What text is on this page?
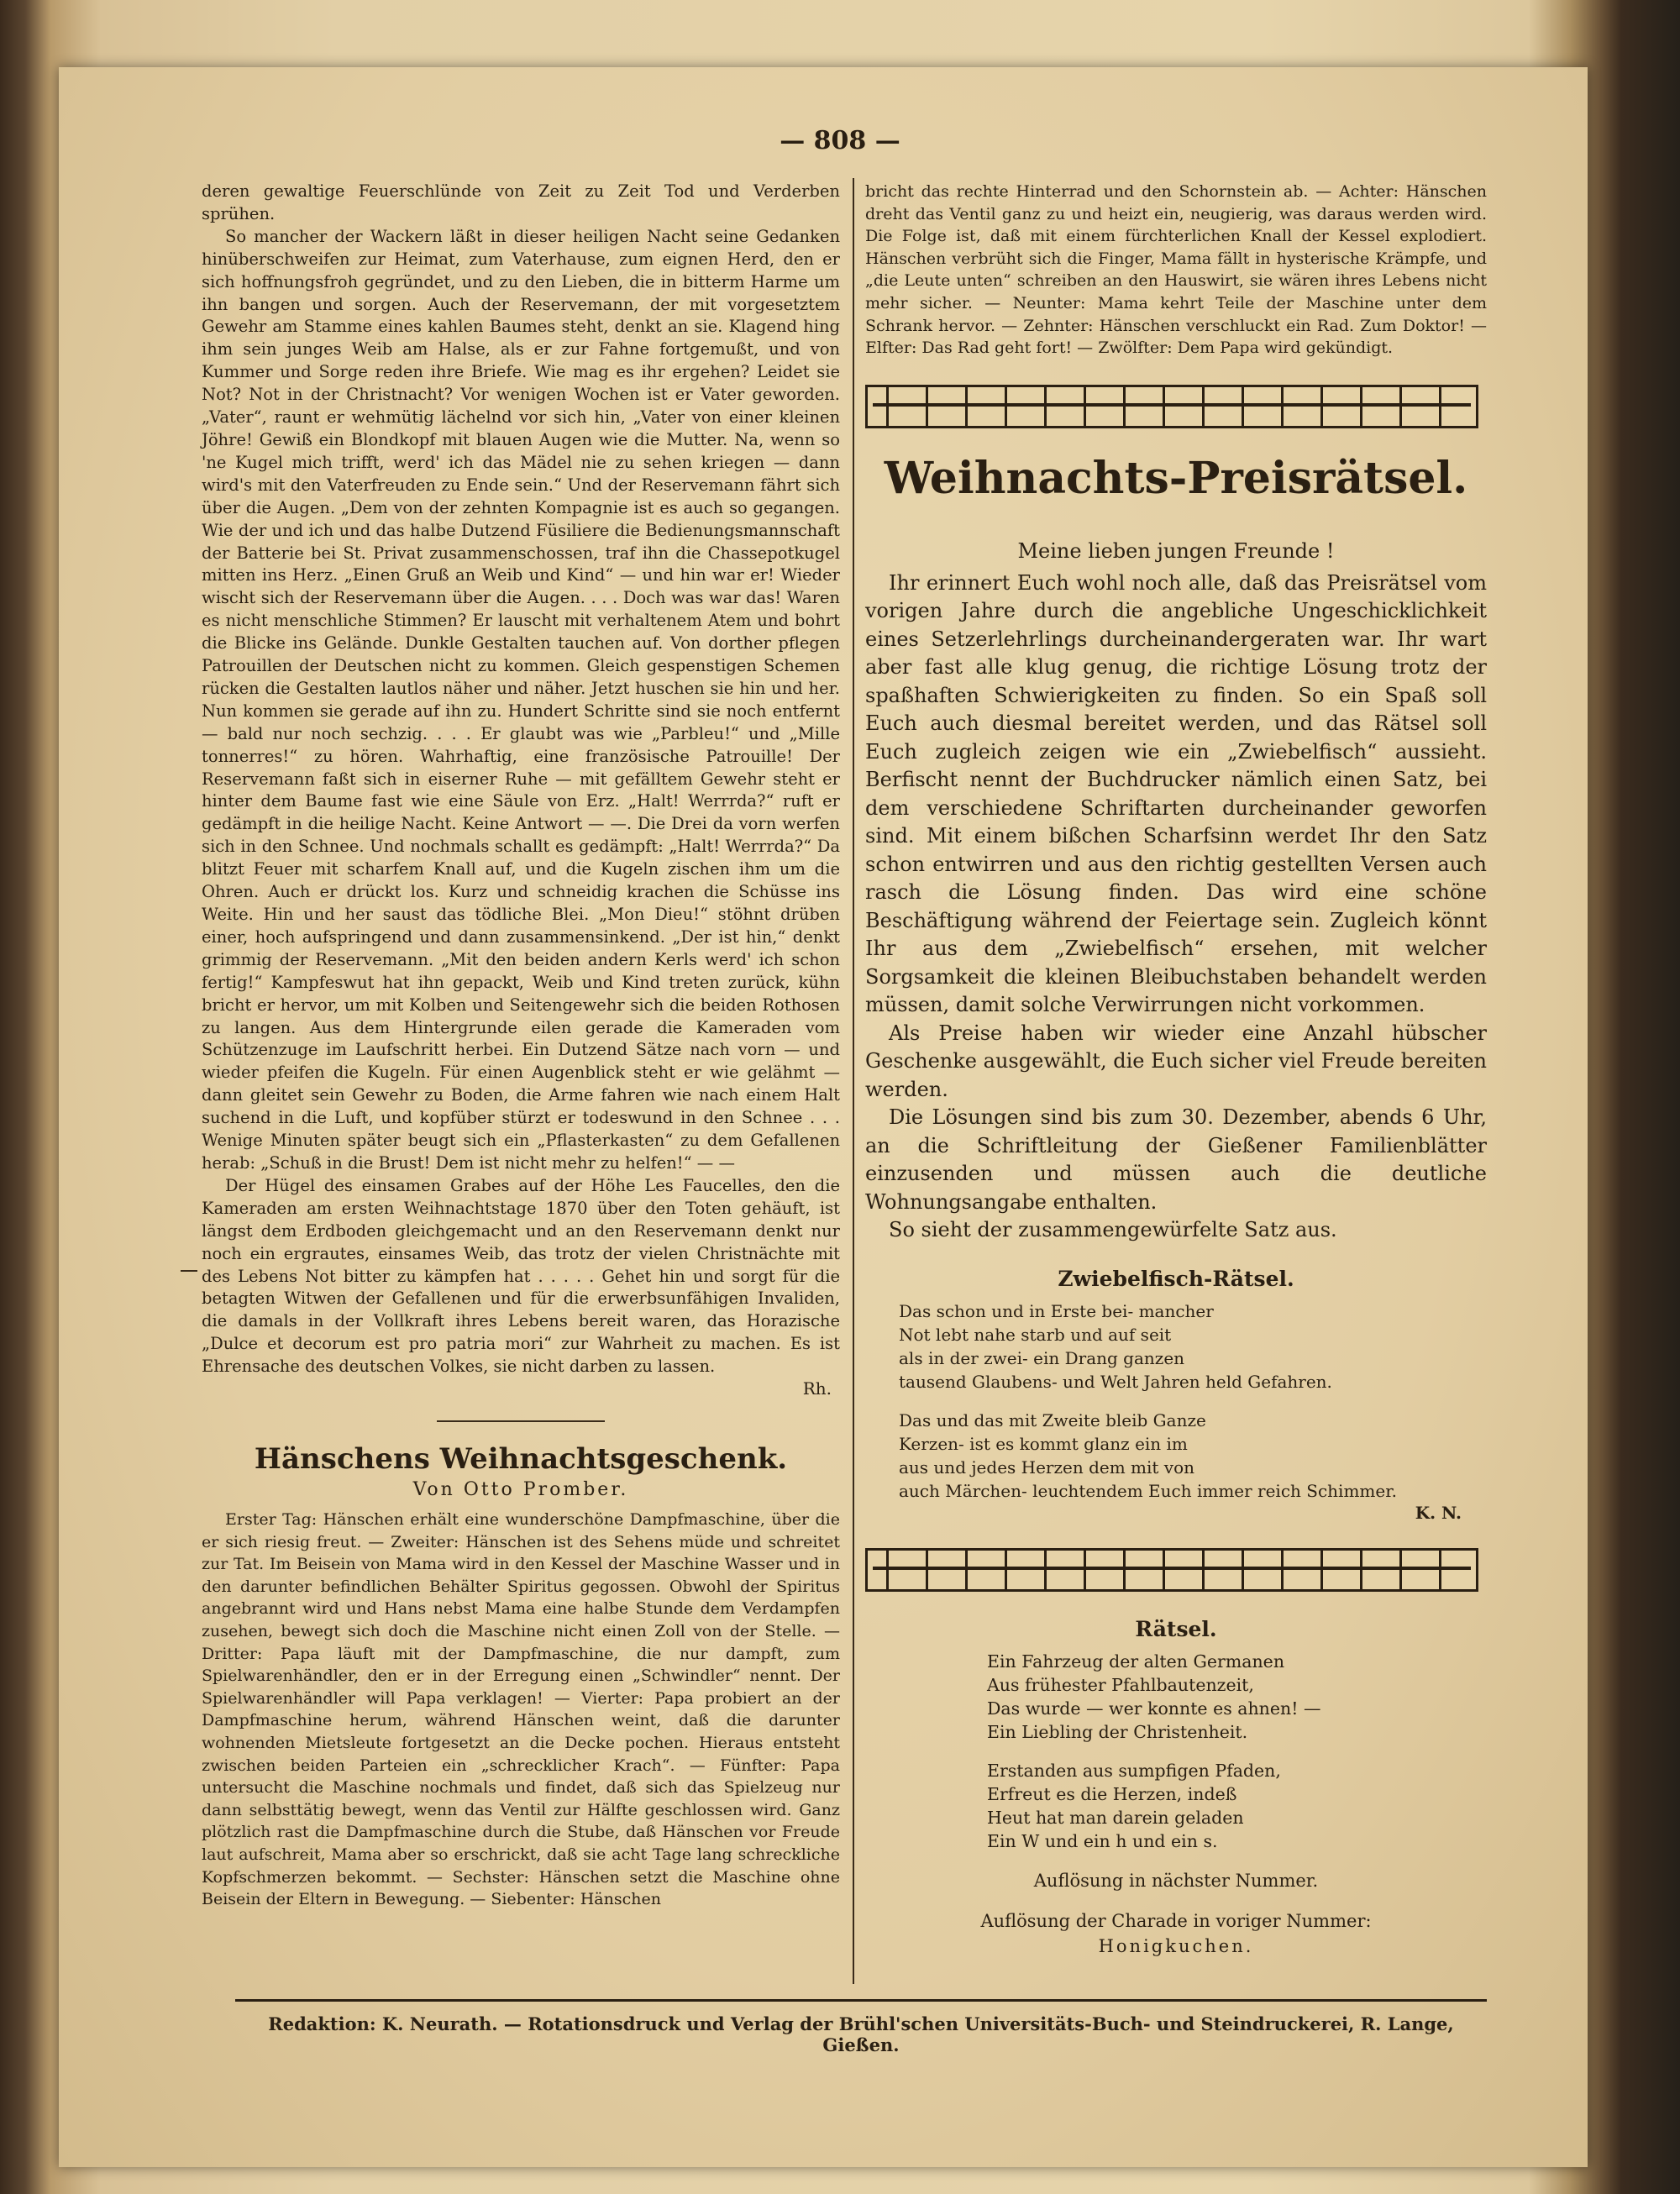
— 808 —

deren gewaltige Feuerschlünde von Zeit zu Zeit Tod und Verderben sprühen.

So mancher der Wackern läßt in dieser heiligen Nacht seine Gedanken hinüberschweifen zur Heimat, zum Vaterhause, zum eignen Herd, den er sich hoffnungsfroh gegründet, und zu den Lieben, die in bitterm Harme um ihn bangen und sorgen. Auch der Reservemann, der mit vorgesetztem Gewehr am Stamme eines kahlen Baumes steht, denkt an sie. Klagend hing ihm sein junges Weib am Halse, als er zur Fahne fortgemußt, und von Kummer und Sorge reden ihre Briefe. Wie mag es ihr ergehen? Leidet sie Not? Not in der Christnacht? Vor wenigen Wochen ist er Vater geworden. „Vater“, raunt er wehmütig lächelnd vor sich hin, „Vater von einer kleinen Jöhre! Gewiß ein Blondkopf mit blauen Augen wie die Mutter. Na, wenn so 'ne Kugel mich trifft, werd' ich das Mädel nie zu sehen kriegen — dann wird's mit den Vaterfreuden zu Ende sein.“ Und der Reservemann fährt sich über die Augen. „Dem von der zehnten Kompagnie ist es auch so gegangen. Wie der und ich und das halbe Dutzend Füsiliere die Bedienungsmannschaft der Batterie bei St. Privat zusammenschossen, traf ihn die Chassepotkugel mitten ins Herz. „Einen Gruß an Weib und Kind“ — und hin war er! Wieder wischt sich der Reservemann über die Augen. . . . Doch was war das! Waren es nicht menschliche Stimmen? Er lauscht mit verhaltenem Atem und bohrt die Blicke ins Gelände. Dunkle Gestalten tauchen auf. Von dorther pflegen Patrouillen der Deutschen nicht zu kommen. Gleich gespenstigen Schemen rücken die Gestalten lautlos näher und näher. Jetzt huschen sie hin und her. Nun kommen sie gerade auf ihn zu. Hundert Schritte sind sie noch entfernt — bald nur noch sechzig. . . . Er glaubt was wie „Parbleu!“ und „Mille tonnerres!“ zu hören. Wahrhaftig, eine französische Patrouille! Der Reservemann faßt sich in eiserner Ruhe — mit gefälltem Gewehr steht er hinter dem Baume fast wie eine Säule von Erz. „Halt! Werrrda?“ ruft er gedämpft in die heilige Nacht. Keine Antwort — —. Die Drei da vorn werfen sich in den Schnee. Und nochmals schallt es gedämpft: „Halt! Werrrda?“ Da blitzt Feuer mit scharfem Knall auf, und die Kugeln zischen ihm um die Ohren. Auch er drückt los. Kurz und schneidig krachen die Schüsse ins Weite. Hin und her saust das tödliche Blei. „Mon Dieu!“ stöhnt drüben einer, hoch aufspringend und dann zusammensinkend. „Der ist hin,“ denkt grimmig der Reservemann. „Mit den beiden andern Kerls werd' ich schon fertig!“ Kampfeswut hat ihn gepackt, Weib und Kind treten zurück, kühn bricht er hervor, um mit Kolben und Seitengewehr sich die beiden Rothosen zu langen. Aus dem Hintergrunde eilen gerade die Kameraden vom Schützenzuge im Laufschritt herbei. Ein Dutzend Sätze nach vorn — und wieder pfeifen die Kugeln. Für einen Augenblick steht er wie gelähmt — dann gleitet sein Gewehr zu Boden, die Arme fahren wie nach einem Halt suchend in die Luft, und kopfüber stürzt er todeswund in den Schnee . . . Wenige Minuten später beugt sich ein „Pflasterkasten“ zu dem Gefallenen herab: „Schuß in die Brust! Dem ist nicht mehr zu helfen!“ — —

Der Hügel des einsamen Grabes auf der Höhe Les Faucelles, den die Kameraden am ersten Weihnachtstage 1870 über den Toten gehäuft, ist längst dem Erdboden gleichgemacht und an den Reservemann denkt nur noch ein ergrautes, einsames Weib, das trotz der vielen Christnächte mit des Lebens Not bitter zu kämpfen hat . . . . . Gehet hin und sorgt für die betagten Witwen der Gefallenen und für die erwerbsunfähigen Invaliden, die damals in der Vollkraft ihres Lebens bereit waren, das Horazische „Dulce et decorum est pro patria mori“ zur Wahrheit zu machen. Es ist Ehrensache des deutschen Volkes, sie nicht darben zu lassen.

Rh.

Hänschens Weihnachtsgeschenk.

Von Otto Promber.

Erster Tag: Hänschen erhält eine wunderschöne Dampfmaschine, über die er sich riesig freut. — Zweiter: Hänschen ist des Sehens müde und schreitet zur Tat. Im Beisein von Mama wird in den Kessel der Maschine Wasser und in den darunter befindlichen Behälter Spiritus gegossen. Obwohl der Spiritus angebrannt wird und Hans nebst Mama eine halbe Stunde dem Verdampfen zusehen, bewegt sich doch die Maschine nicht einen Zoll von der Stelle. — Dritter: Papa läuft mit der Dampfmaschine, die nur dampft, zum Spielwarenhändler, den er in der Erregung einen „Schwindler“ nennt. Der Spielwarenhändler will Papa verklagen! — Vierter: Papa probiert an der Dampfmaschine herum, während Hänschen weint, daß die darunter wohnenden Mietsleute fortgesetzt an die Decke pochen. Hieraus entsteht zwischen beiden Parteien ein „schrecklicher Krach“. — Fünfter: Papa untersucht die Maschine nochmals und findet, daß sich das Spielzeug nur dann selbsttätig bewegt, wenn das Ventil zur Hälfte geschlossen wird. Ganz plötzlich rast die Dampfmaschine durch die Stube, daß Hänschen vor Freude laut aufschreit, Mama aber so erschrickt, daß sie acht Tage lang schreckliche Kopfschmerzen bekommt. — Sechster: Hänschen setzt die Maschine ohne Beisein der Eltern in Bewegung. — Siebenter: Hänschen

bricht das rechte Hinterrad und den Schornstein ab. — Achter: Hänschen dreht das Ventil ganz zu und heizt ein, neugierig, was daraus werden wird. Die Folge ist, daß mit einem fürchterlichen Knall der Kessel explodiert. Hänschen verbrüht sich die Finger, Mama fällt in hysterische Krämpfe, und „die Leute unten“ schreiben an den Hauswirt, sie wären ihres Lebens nicht mehr sicher. — Neunter: Mama kehrt Teile der Maschine unter dem Schrank hervor. — Zehnter: Hänschen verschluckt ein Rad. Zum Doktor! — Elfter: Das Rad geht fort! — Zwölfter: Dem Papa wird gekündigt.

Weihnachts-Preisrätsel.

Meine lieben jungen Freunde !

Ihr erinnert Euch wohl noch alle, daß das Preisrätsel vom vorigen Jahre durch die angebliche Ungeschicklichkeit eines Setzerlehrlings durcheinandergeraten war. Ihr wart aber fast alle klug genug, die richtige Lösung trotz der spaßhaften Schwierigkeiten zu finden. So ein Spaß soll Euch auch diesmal bereitet werden, und das Rätsel soll Euch zugleich zeigen wie ein „Zwiebelfisch“ aussieht. Berfischt nennt der Buchdrucker nämlich einen Satz, bei dem verschiedene Schriftarten durcheinander geworfen sind. Mit einem bißchen Scharfsinn werdet Ihr den Satz schon entwirren und aus den richtig gestellten Versen auch rasch die Lösung finden. Das wird eine schöne Beschäftigung während der Feiertage sein. Zugleich könnt Ihr aus dem „Zwiebelfisch“ ersehen, mit welcher Sorgsamkeit die kleinen Bleibuchstaben behandelt werden müssen, damit solche Verwirrungen nicht vorkommen.

Als Preise haben wir wieder eine Anzahl hübscher Geschenke ausgewählt, die Euch sicher viel Freude bereiten werden.

Die Lösungen sind bis zum 30. Dezember, abends 6 Uhr, an die Schriftleitung der Gießener Familienblätter einzusenden und müssen auch die deutliche Wohnungsangabe enthalten.

So sieht der zusammengewürfelte Satz aus.

Zwiebelfisch-Rätsel.

Das schon und in Erste bei- mancher

Not lebt nahe starb und auf seit

als in der zwei- ein Drang ganzen

tausend Glaubens- und Welt Jahren held Gefahren.

Das und das mit Zweite bleib Ganze

Kerzen- ist es kommt glanz ein im

aus und jedes Herzen dem mit von

auch Märchen- leuchtendem Euch immer reich Schimmer.

K. N.

Rätsel.

Ein Fahrzeug der alten Germanen

Aus frühester Pfahlbautenzeit,

Das wurde — wer konnte es ahnen! —

Ein Liebling der Christenheit.

Erstanden aus sumpfigen Pfaden,

Erfreut es die Herzen, indeß

Heut hat man darein geladen

Ein W und ein h und ein s.

Auflösung in nächster Nummer.

Auflösung der Charade in voriger Nummer:

Honigkuchen.

Redaktion: K. Neurath. — Rotationsdruck und Verlag der Brühl'schen Universitäts-Buch- und Steindruckerei, R. Lange, Gießen.
